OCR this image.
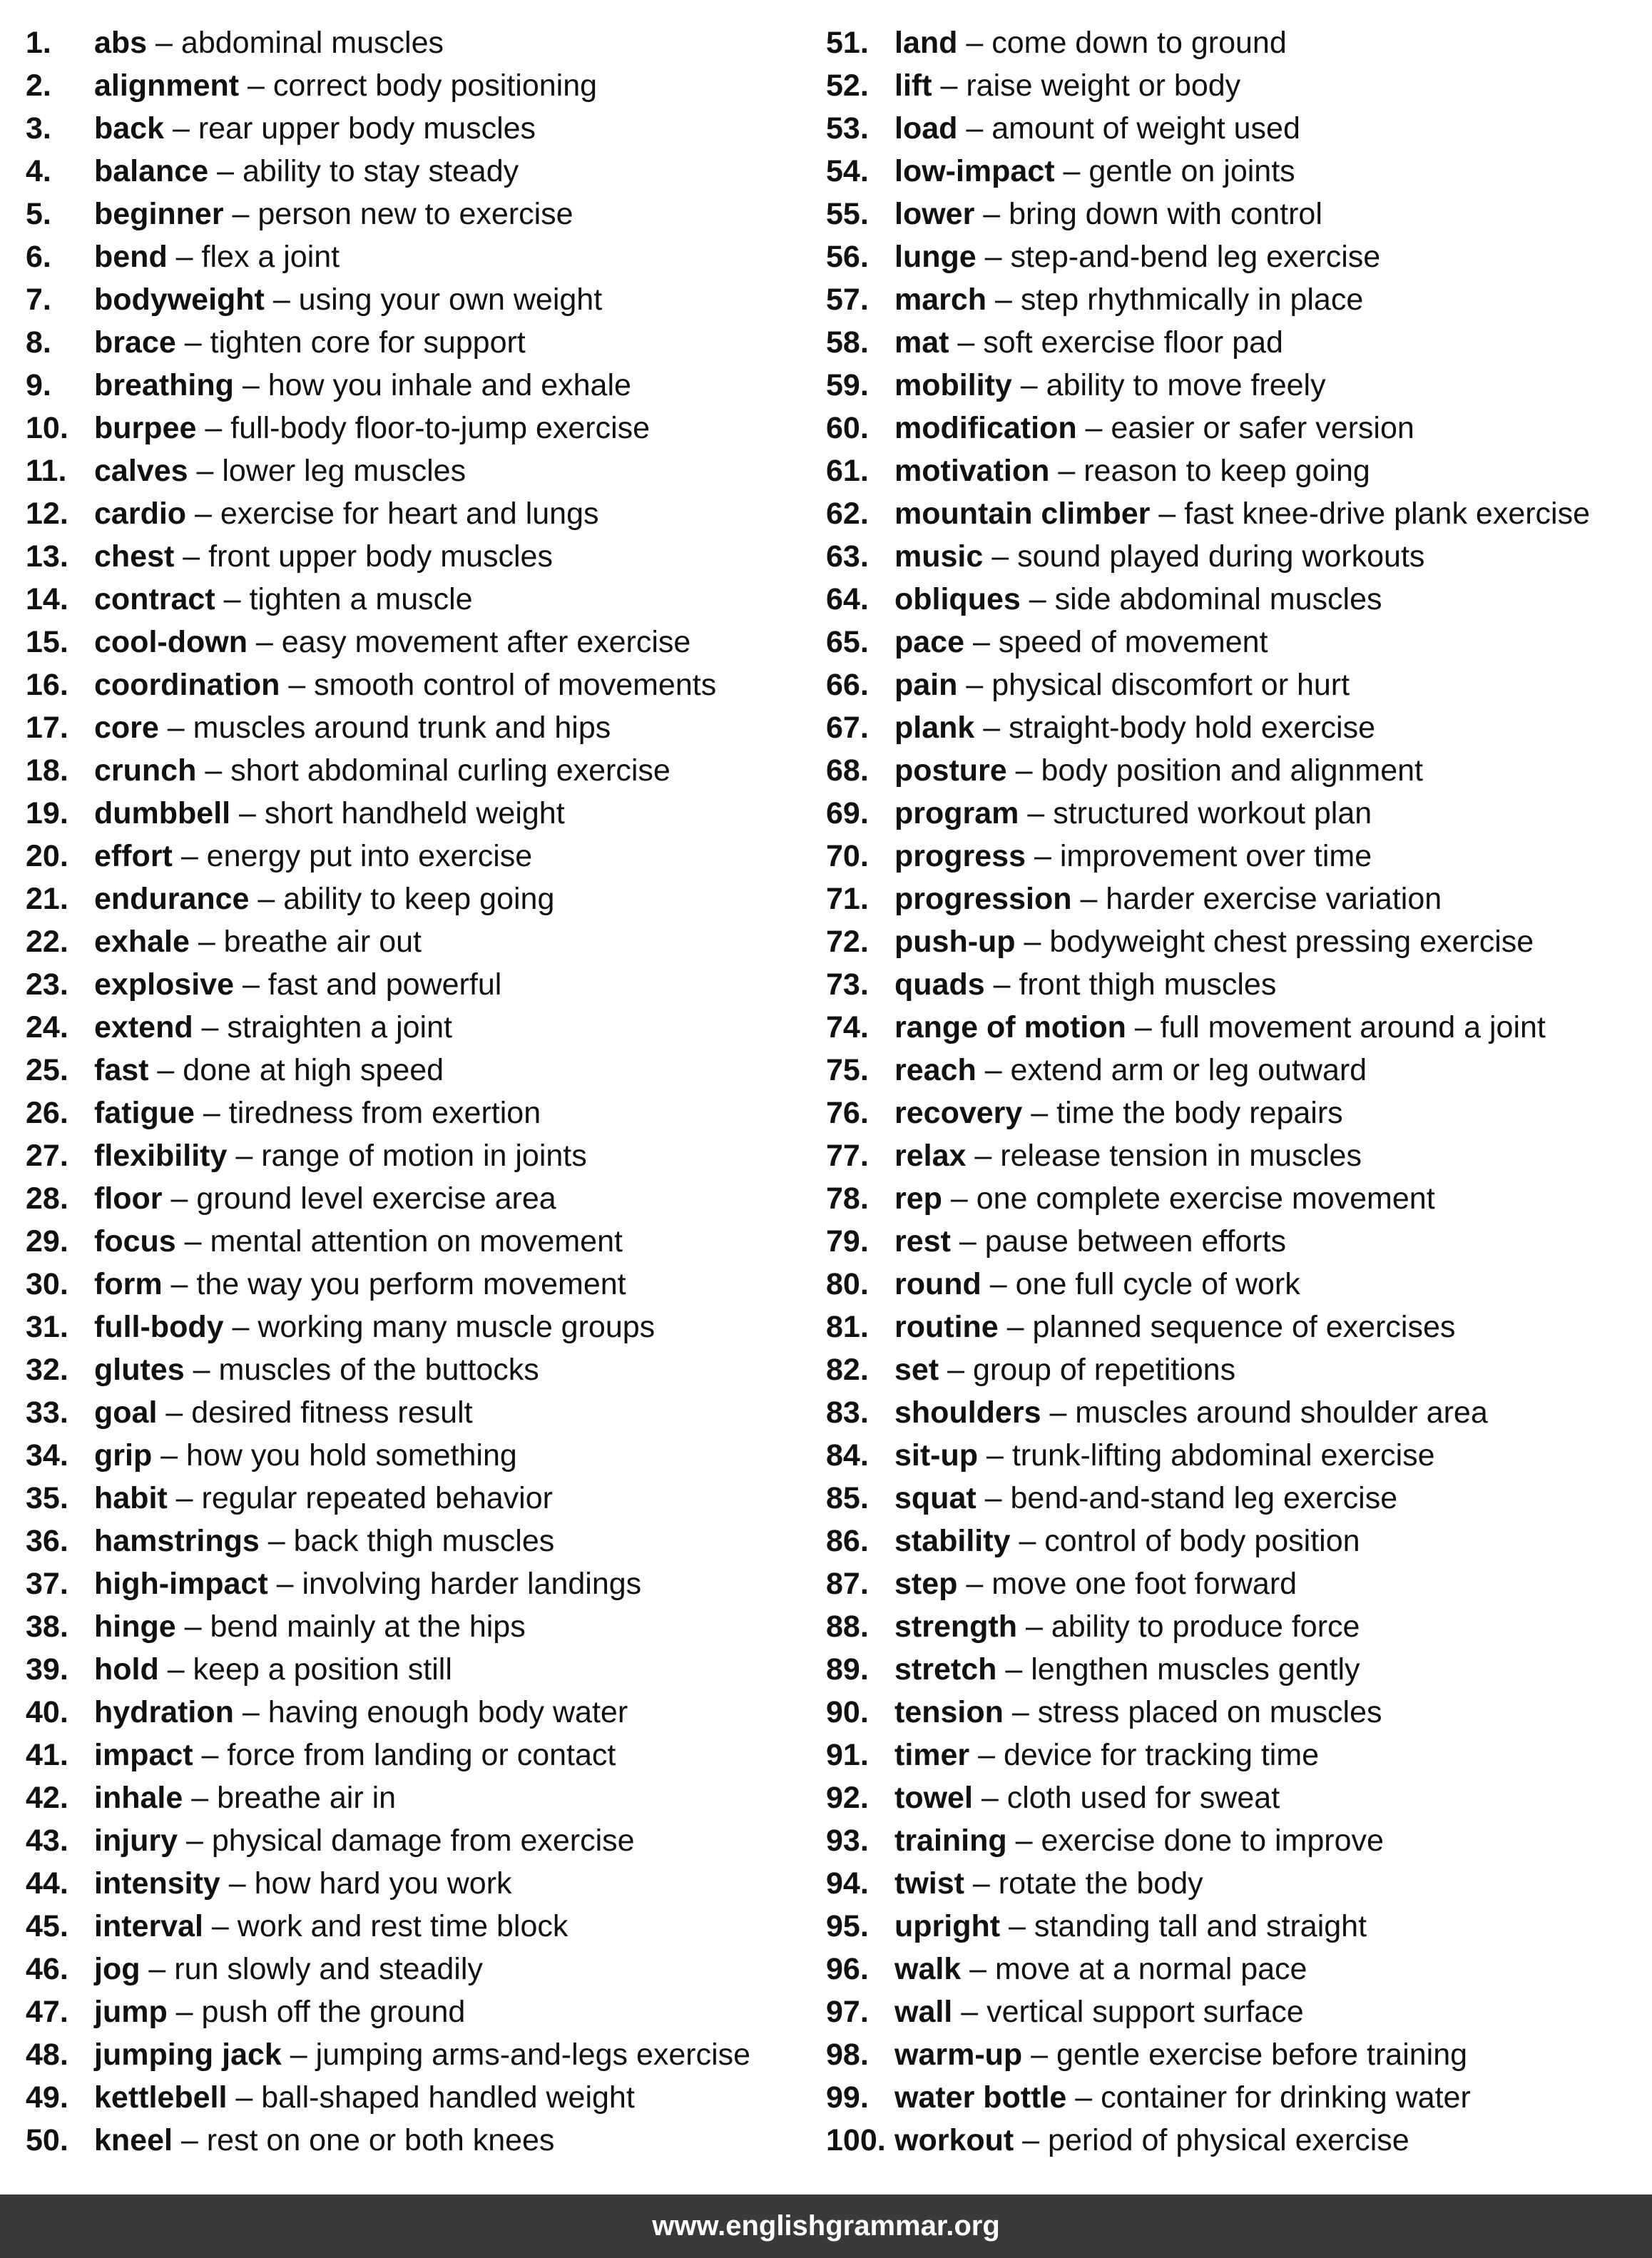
1. abs – abdominal muscles
2. alignment – correct body positioning
3. back – rear upper body muscles
4. balance – ability to stay steady
5. beginner – person new to exercise
6. bend – flex a joint
7. bodyweight – using your own weight
8. brace – tighten core for support
9. breathing – how you inhale and exhale
10. burpee – full-body floor-to-jump exercise
11. calves – lower leg muscles
12. cardio – exercise for heart and lungs
13. chest – front upper body muscles
14. contract – tighten a muscle
15. cool-down – easy movement after exercise
16. coordination – smooth control of movements
17. core – muscles around trunk and hips
18. crunch – short abdominal curling exercise
19. dumbbell – short handheld weight
20. effort – energy put into exercise
21. endurance – ability to keep going
22. exhale – breathe air out
23. explosive – fast and powerful
24. extend – straighten a joint
25. fast – done at high speed
26. fatigue – tiredness from exertion
27. flexibility – range of motion in joints
28. floor – ground level exercise area
29. focus – mental attention on movement
30. form – the way you perform movement
31. full-body – working many muscle groups
32. glutes – muscles of the buttocks
33. goal – desired fitness result
34. grip – how you hold something
35. habit – regular repeated behavior
36. hamstrings – back thigh muscles
37. high-impact – involving harder landings
38. hinge – bend mainly at the hips
39. hold – keep a position still
40. hydration – having enough body water
41. impact – force from landing or contact
42. inhale – breathe air in
43. injury – physical damage from exercise
44. intensity – how hard you work
45. interval – work and rest time block
46. jog – run slowly and steadily
47. jump – push off the ground
48. jumping jack – jumping arms-and-legs exercise
49. kettlebell – ball-shaped handled weight
50. kneel – rest on one or both knees
51. land – come down to ground
52. lift – raise weight or body
53. load – amount of weight used
54. low-impact – gentle on joints
55. lower – bring down with control
56. lunge – step-and-bend leg exercise
57. march – step rhythmically in place
58. mat – soft exercise floor pad
59. mobility – ability to move freely
60. modification – easier or safer version
61. motivation – reason to keep going
62. mountain climber – fast knee-drive plank exercise
63. music – sound played during workouts
64. obliques – side abdominal muscles
65. pace – speed of movement
66. pain – physical discomfort or hurt
67. plank – straight-body hold exercise
68. posture – body position and alignment
69. program – structured workout plan
70. progress – improvement over time
71. progression – harder exercise variation
72. push-up – bodyweight chest pressing exercise
73. quads – front thigh muscles
74. range of motion – full movement around a joint
75. reach – extend arm or leg outward
76. recovery – time the body repairs
77. relax – release tension in muscles
78. rep – one complete exercise movement
79. rest – pause between efforts
80. round – one full cycle of work
81. routine – planned sequence of exercises
82. set – group of repetitions
83. shoulders – muscles around shoulder area
84. sit-up – trunk-lifting abdominal exercise
85. squat – bend-and-stand leg exercise
86. stability – control of body position
87. step – move one foot forward
88. strength – ability to produce force
89. stretch – lengthen muscles gently
90. tension – stress placed on muscles
91. timer – device for tracking time
92. towel – cloth used for sweat
93. training – exercise done to improve
94. twist – rotate the body
95. upright – standing tall and straight
96. walk – move at a normal pace
97. wall – vertical support surface
98. warm-up – gentle exercise before training
99. water bottle – container for drinking water
100. workout – period of physical exercise
www.englishgrammar.org
